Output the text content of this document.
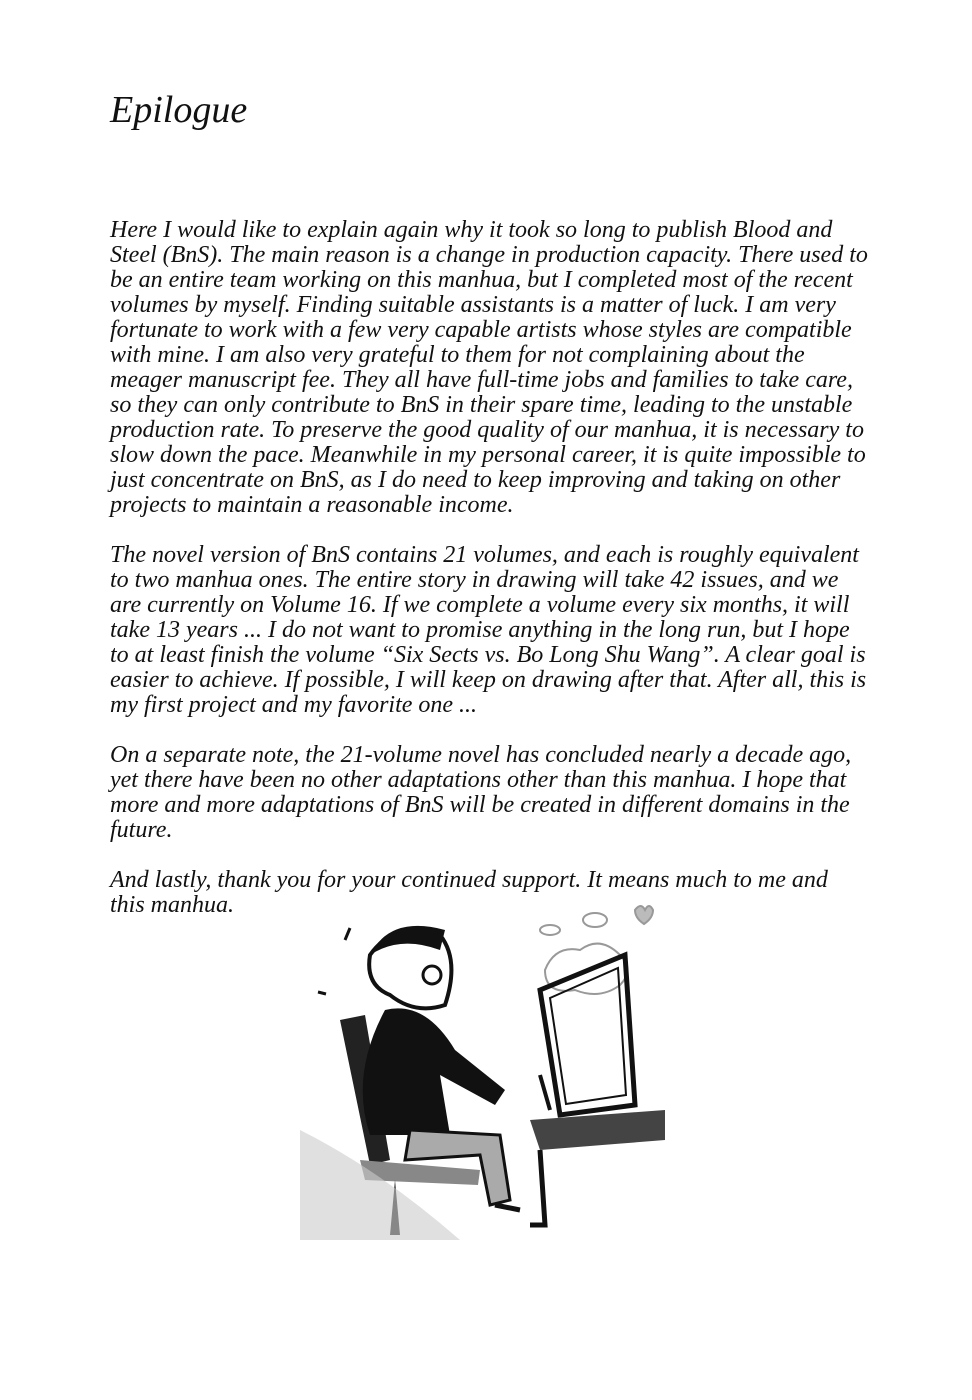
Epilogue
Here I would like to explain again why it took so long to publish Blood and
Steel (BnS). The main reason is a change in production capacity. There used to
be an entire team working on this manhua, but I completed most of the recent
volumes by myself. Finding suitable assistants is a matter of luck. I am very
fortunate to work with a few very capable artists whose styles are compatible
with mine. I am also very grateful to them for not complaining about the
meager manuscript fee. They all have full-time jobs and families to take care,
so they can only contribute to BnS in their spare time, leading to the unstable
production rate. To preserve the good quality of our manhua, it is necessary to
slow down the pace. Meanwhile in my personal career, it is quite impossible to
just concentrate on BnS, as I do need to keep improving and taking on other
projects to maintain a reasonable income.
The novel version of BnS contains 21 volumes, and each is roughly equivalent
to two manhua ones. The entire story in drawing will take 42 issues, and we
are currently on Volume 16. If we complete a volume every six months, it will
take 13 years ... I do not want to promise anything in the long run, but I hope
to at least finish the volume “Six Sects vs. Bo Long Shu Wang”. A clear goal is
easier to achieve. If possible, I will keep on drawing after that. After all, this is
my first project and my favorite one ...
On a separate note, the 21-volume novel has concluded nearly a decade ago,
yet there have been no other adaptations other than this manhua. I hope that
more and more adaptations of BnS will be created in different domains in the
future.
And lastly, thank you for your continued support. It means much to me and
this manhua.
